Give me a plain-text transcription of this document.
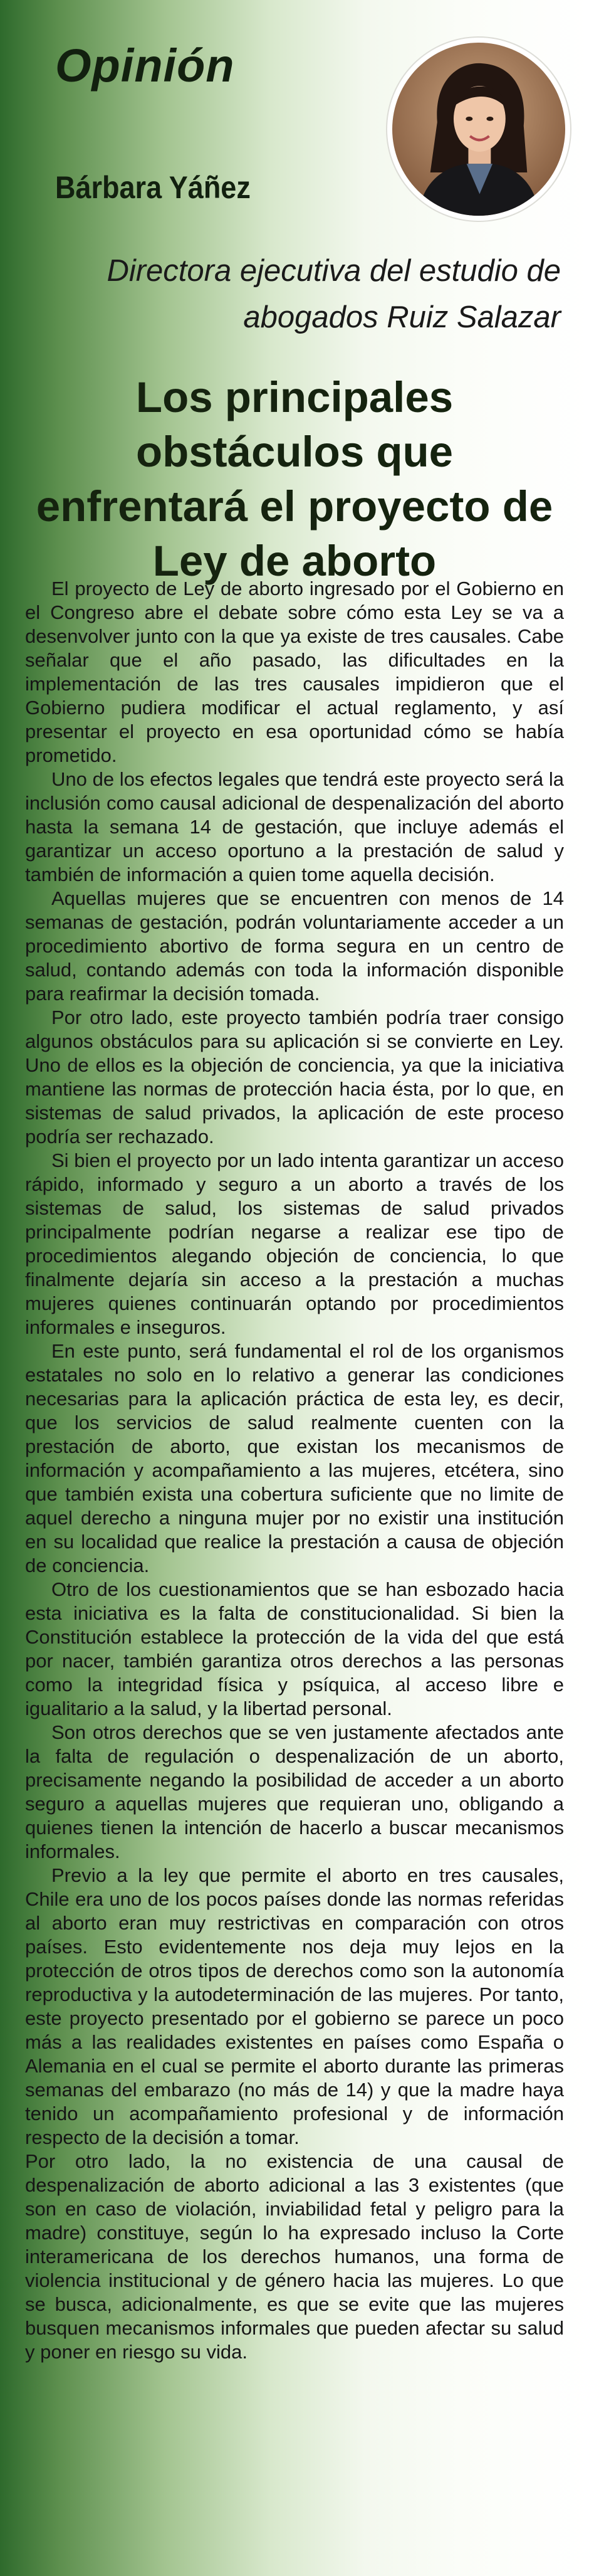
Opinión
Bárbara Yáñez
Directora ejecutiva del estudio de abogados Ruiz Salazar
Los principales obstáculos que enfrentará el proyecto de Ley de aborto

El proyecto de Ley de aborto ingresado por el Gobierno en el Congreso abre el debate sobre cómo esta Ley se va a desenvolver junto con la que ya existe de tres causales. Cabe señalar que el año pasado, las dificultades en la implementación de las tres causales impidieron que el Gobierno pudiera modificar el actual reglamento, y así presentar el proyecto en esa oportunidad cómo se había prometido.

Uno de los efectos legales que tendrá este proyecto será la inclusión como causal adicional de despenalización del aborto hasta la semana 14 de gestación, que incluye además el garantizar un acceso oportuno a la prestación de salud y también de información a quien tome aquella decisión.

Aquellas mujeres que se encuentren con menos de 14 semanas de gestación, podrán voluntariamente acceder a un procedimiento abortivo de forma segura en un centro de salud, contando además con toda la información disponible para reafirmar la decisión tomada.

Por otro lado, este proyecto también podría traer consigo algunos obstáculos para su aplicación si se convierte en Ley. Uno de ellos es la objeción de conciencia, ya que la iniciativa mantiene las normas de protección hacia ésta, por lo que, en sistemas de salud privados, la aplicación de este proceso podría ser rechazado.

Si bien el proyecto por un lado intenta garantizar un acceso rápido, informado y seguro a un aborto a través de los sistemas de salud, los sistemas de salud privados principalmente podrían negarse a realizar ese tipo de procedimientos alegando objeción de conciencia, lo que finalmente dejaría sin acceso a la prestación a muchas mujeres quienes continuarán optando por procedimientos informales e inseguros.

En este punto, será fundamental el rol de los organismos estatales no solo en lo relativo a generar las condiciones necesarias para la aplicación práctica de esta ley, es decir, que los servicios de salud realmente cuenten con la prestación de aborto, que existan los mecanismos de información y acompañamiento a las mujeres, etcétera, sino que también exista una cobertura suficiente que no limite de aquel derecho a ninguna mujer por no existir una institución en su localidad que realice la prestación a causa de objeción de conciencia.

Otro de los cuestionamientos que se han esbozado hacia esta iniciativa es la falta de constitucionalidad. Si bien la Constitución establece la protección de la vida del que está por nacer, también garantiza otros derechos a las personas como la integridad física y psíquica, al acceso libre e igualitario a la salud, y la libertad personal.

Son otros derechos que se ven justamente afectados ante la falta de regulación o despenalización de un aborto, precisamente negando la posibilidad de acceder a un aborto seguro a aquellas mujeres que requieran uno, obligando a quienes tienen la intención de hacerlo a buscar mecanismos informales.

Previo a la ley que permite el aborto en tres causales, Chile era uno de los pocos países donde las normas referidas al aborto eran muy restrictivas en comparación con otros países. Esto evidentemente nos deja muy lejos en la protección de otros tipos de derechos como son la autonomía reproductiva y la autodeterminación de las mujeres. Por tanto, este proyecto presentado por el gobierno se parece un poco más a las realidades existentes en países como España o Alemania en el cual se permite el aborto durante las primeras semanas del embarazo (no más de 14) y que la madre haya tenido un acompañamiento profesional y de información respecto de la decisión a tomar.

Por otro lado, la no existencia de una causal de despenalización de aborto adicional a las 3 existentes (que son en caso de violación, inviabilidad fetal y peligro para la madre) constituye, según lo ha expresado incluso la Corte interamericana de los derechos humanos, una forma de violencia institucional y de género hacia las mujeres. Lo que se busca, adicionalmente, es que se evite que las mujeres busquen mecanismos informales que pueden afectar su salud y poner en riesgo su vida.
